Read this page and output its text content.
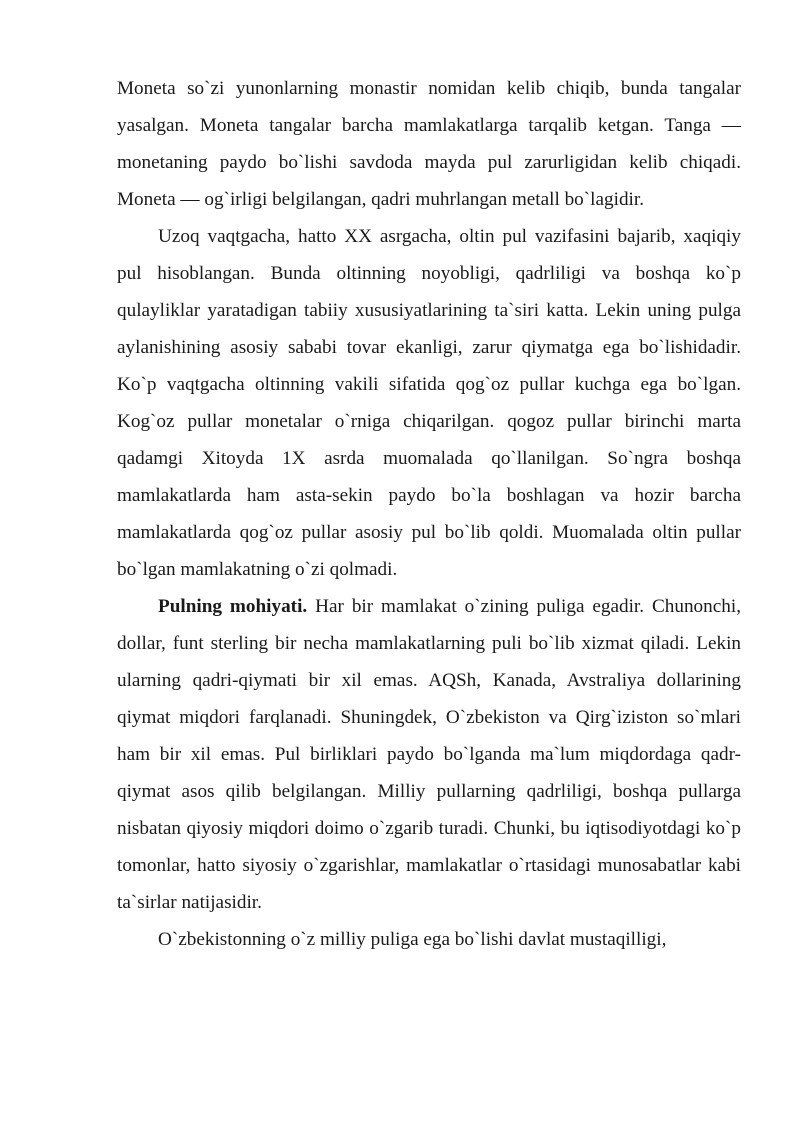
Moneta so`zi yunonlarning monastir nomidan kelib chiqib, bunda tangalar yasalgan. Moneta tangalar barcha mamlakatlarga tarqalib ketgan. Tanga — monetaning paydo bo`lishi savdoda mayda pul zarurligidan kelib chiqadi. Moneta — og`irligi belgilangan, qadri muhrlangan metall bo`lagidir.

Uzoq vaqtgacha, hatto XX asrgacha, oltin pul vazifasini bajarib, xaqiqiy pul hisoblangan. Bunda oltinning noyobligi, qadrliligi va boshqa ko`p qulayliklar yaratadigan tabiiy xususiyatlarining ta`siri katta. Lekin uning pulga aylanishining asosiy sababi tovar ekanligi, zarur qiymatga ega bo`lishidadir. Ko`p vaqtgacha oltinning vakili sifatida qog`oz pullar kuchga ega bo`lgan. Kog`oz pullar monetalar o`rniga chiqarilgan. qogoz pullar birinchi marta qadamgi Xitoyda 1X asrda muomalada qo`llanilgan. So`ngra boshqa mamlakatlarda ham asta-sekin paydo bo`la boshlagan va hozir barcha mamlakatlarda qog`oz pullar asosiy pul bo`lib qoldi. Muomalada oltin pullar bo`lgan mamlakatning o`zi qolmadi.

Pulning mohiyati. Har bir mamlakat o`zining puliga egadir. Chunonchi, dollar, funt sterling bir necha mamlakatlarning puli bo`lib xizmat qiladi. Lekin ularning qadri-qiymati bir xil emas. AQSh, Kanada, Avstraliya dollarining qiymat miqdori farqlanadi. Shuningdek, O`zbekiston va Qirg`iziston so`mlari ham bir xil emas. Pul birliklari paydo bo`lganda ma`lum miqdordaga qadr-qiymat asos qilib belgilangan. Milliy pullarning qadrliligi, boshqa pullarga nisbatan qiyosiy miqdori doimo o`zgarib turadi. Chunki, bu iqtisodiyotdagi ko`p tomonlar, hatto siyosiy o`zgarishlar, mamlakatlar o`rtasidagi munosabatlar kabi ta`sirlar natijasidir.

O`zbekistonning o`z milliy puliga ega bo`lishi davlat mustaqilligi,
